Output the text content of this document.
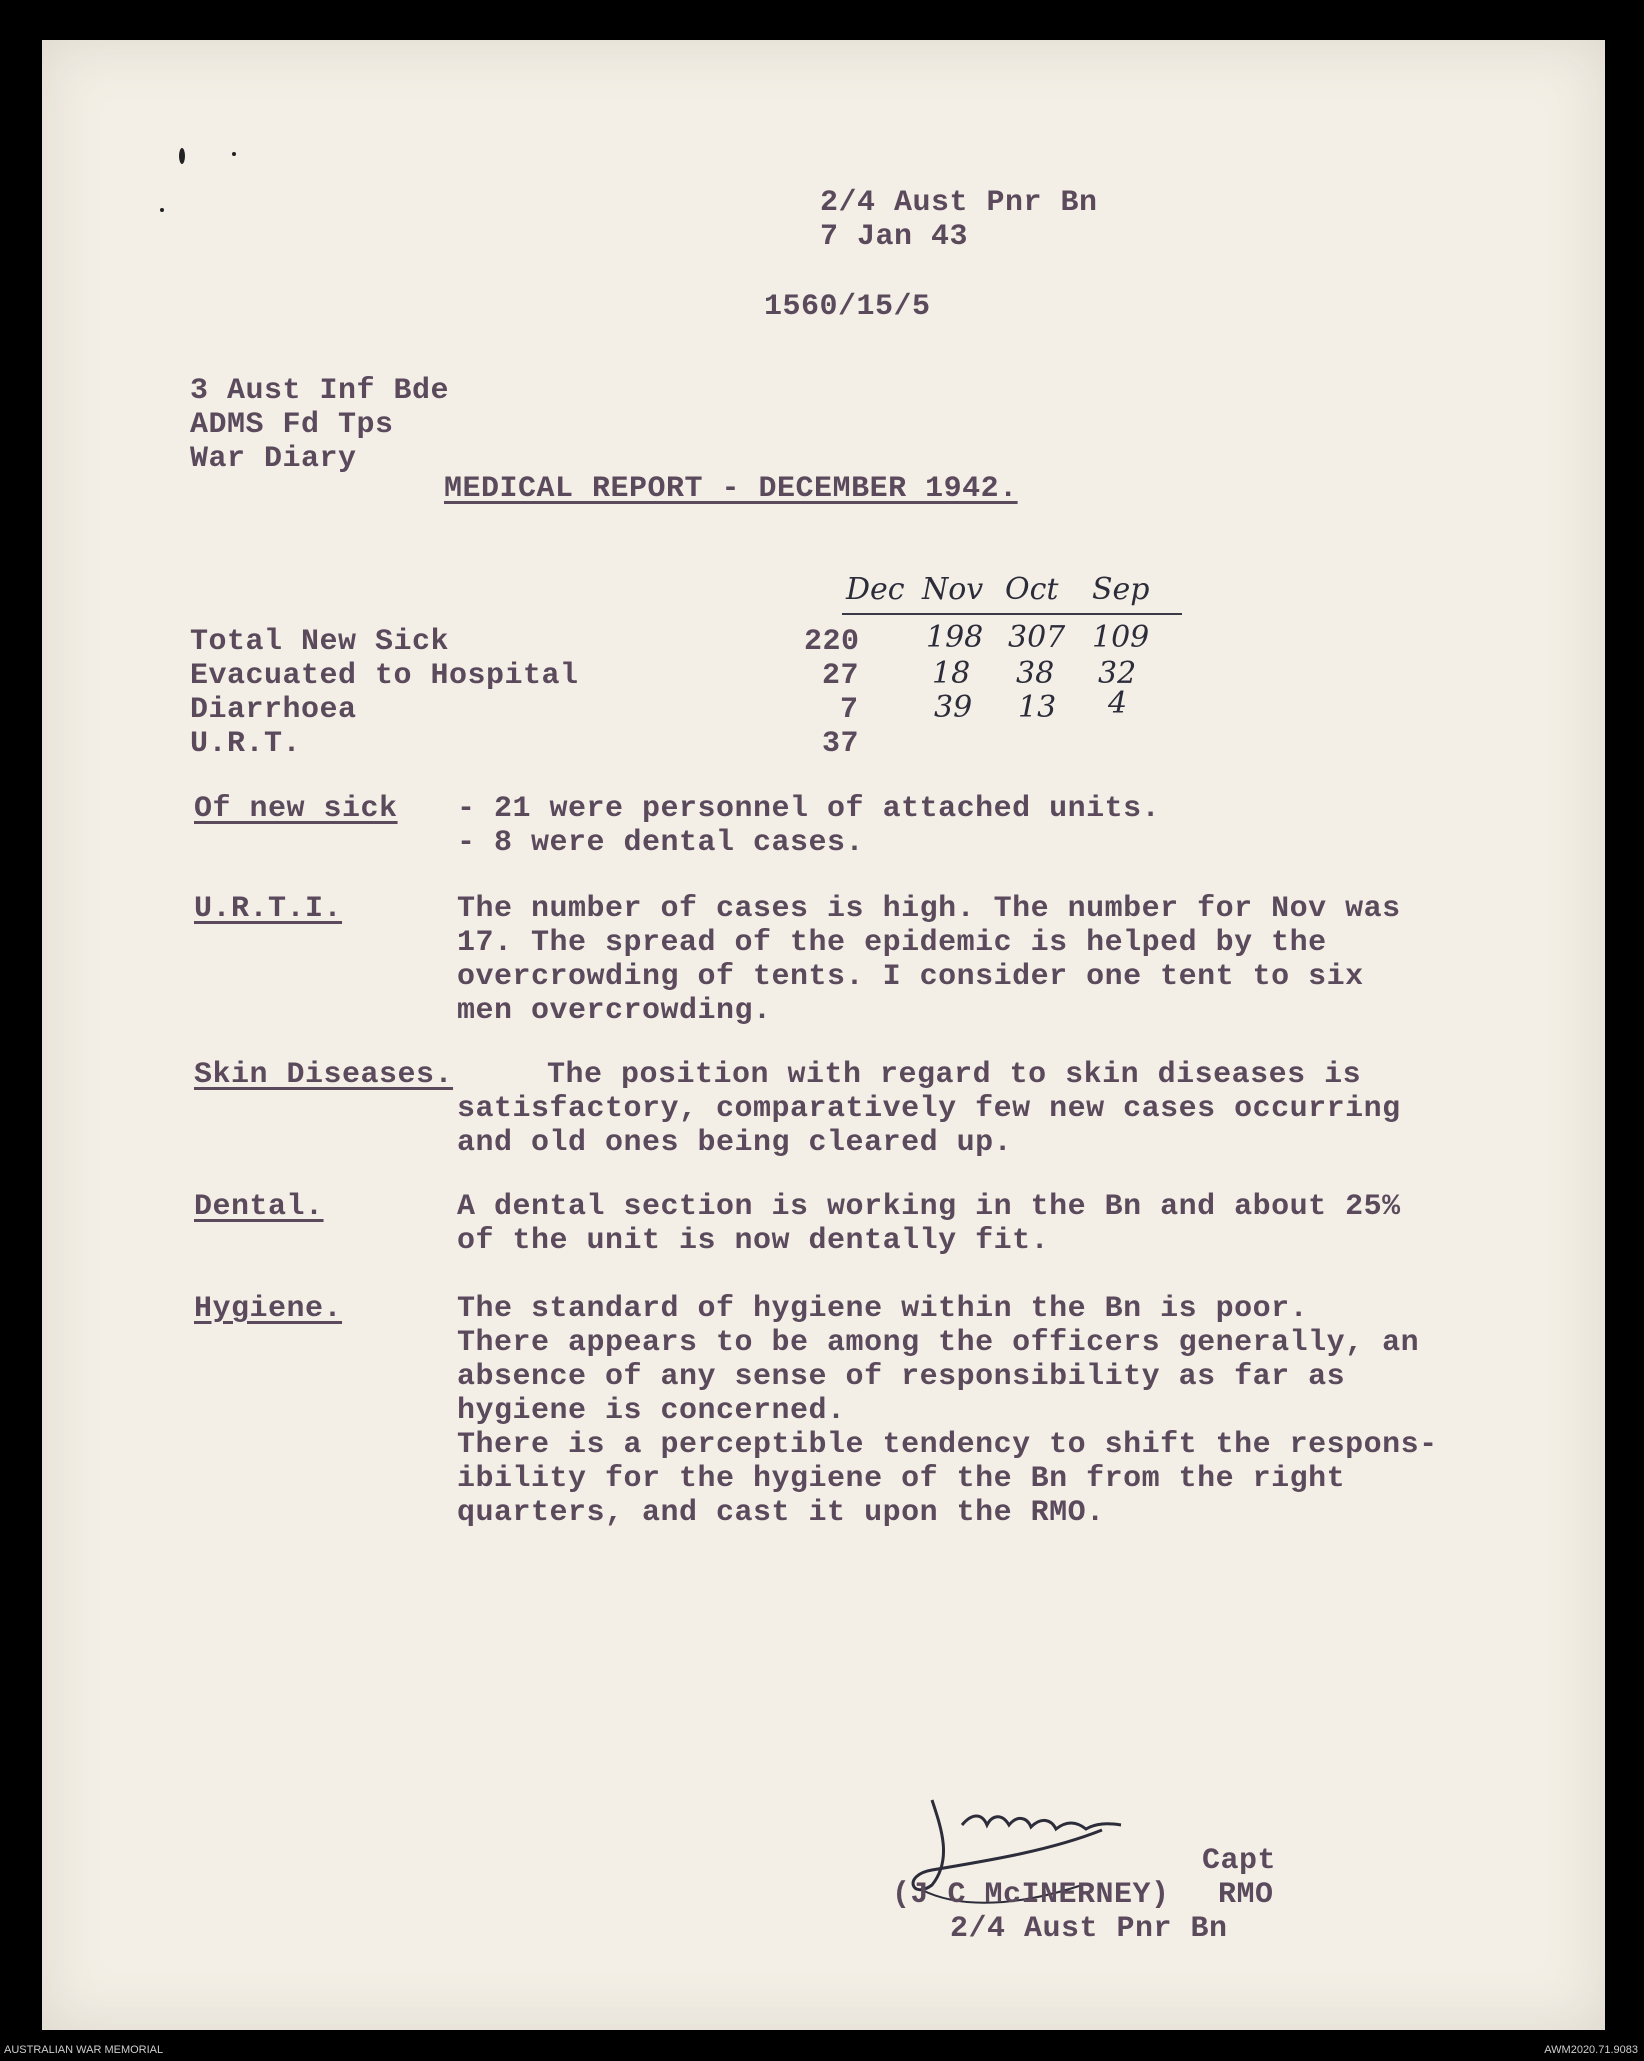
2/4 Aust Pnr Bn
7 Jan 43
1560/15/5
3 Aust Inf Bde
ADMS Fd Tps
War Diary
MEDICAL REPORT - DECEMBER 1942.
Dec Nov Oct Sep
Total New Sick	220 198 307 109
Evacuated to Hospital	27 18 38 32
Diarrhoea	7	39 13 4
U.R.T.	37
Of new sick - 21 were personnel of attached units.
- 8 were dental cases.
U.R.T.I.	The number of cases is high. The number for Nov was
17. The spread of the epidemic is helped by the
overcrowding of tents. I consider one tent to six
men overcrowding.
Skin Diseases.	The position with regard to skin diseases is
satisfactory, comparatively few new cases occurring
and old ones being cleared up.
Dental.	A dental section is working in the Bn and about 25%
of the unit is now dentally fit.
Hygiene.	The standard of hygiene within the Bn is poor.
There appears to be among the officers generally, an
absence of any sense of responsibility as far as
hygiene is concerned.
There is a perceptible tendency to shift the respons-
ibility for the hygiene of the Bn from the right
quarters, and cast it upon the RMO.
Capt
(J C McINERNEY) RMO
2/4 Aust Pnr Bn
AUSTRALIAN WAR MEMORIAL	AWM2020.71.9083
